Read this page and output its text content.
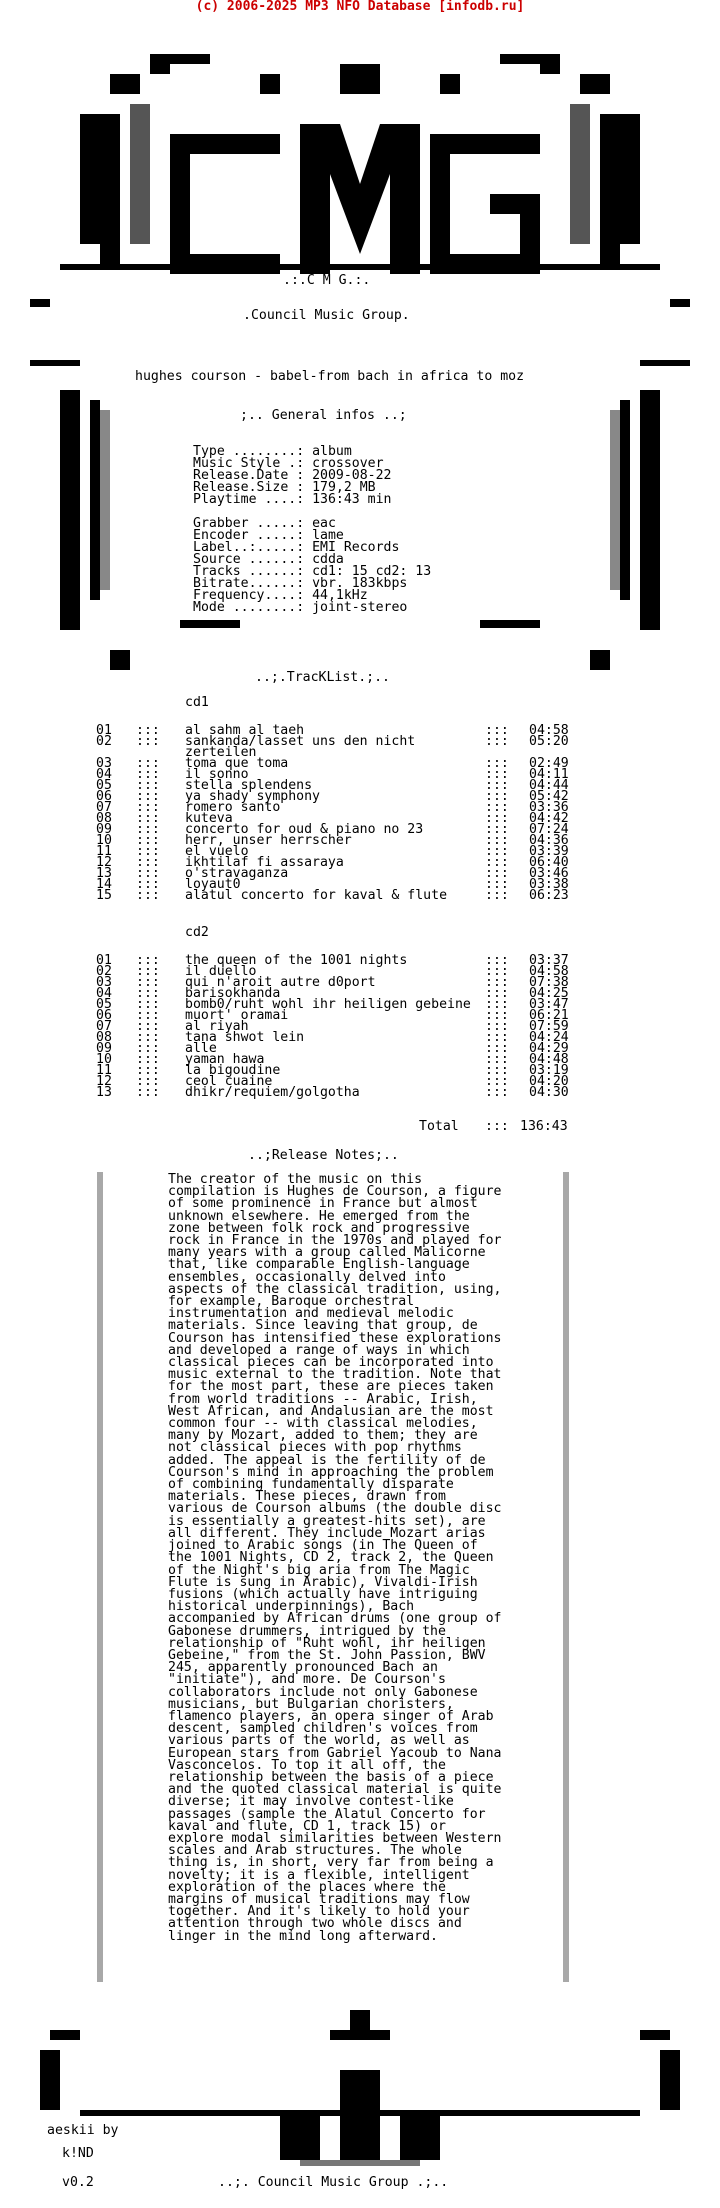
(c) 2006-2025 MP3 NFO Database [infodb.ru]
.:.C M G.:.
.Council Music Group.
hughes courson - babel-from bach in africa to moz
;.. General infos ..;
Type ........: album
Music Style .: crossover
Release.Date : 2009-08-22
Release.Size : 179,2 MB
Playtime ....: 136:43 min
Grabber .....: eac
Encoder .....: lame
Label..:.....: EMI Records
Source ......: cdda
Tracks ......: cd1: 15 cd2: 13
Bitrate......: vbr. 183kbps
Frequency....: 44,1kHz
Mode ........: joint-stereo
..;.TracKList.;..
cd1
01 ::: al sahm al taeh	::: 04:58
02 ::: sankanda/lasset uns den nicht	::: 05:20
zerteilen
03 ::: toma que toma	::: 02:49
04 ::: il sonno	::: 04:11
05 ::: stella splendens	::: 04:44
06 ::: ya shady symphony	::: 05:42
07 ::: romero santo	::: 03:36
08 ::: kuteva	::: 04:42
09 ::: concerto for oud & piano no 23	::: 07:24
10 ::: herr, unser herrscher	::: 04:36
11 ::: el vuelo	::: 03:39
12 ::: ikhtilaf fi assaraya	::: 06:40
13 ::: o'stravaganza	::: 03:46
14 ::: loyaut0	::: 03:38
15 ::: alatul concerto for kaval & flute	::: 06:23
cd2
01 ::: the queen of the 1001 nights	::: 03:37
02 ::: il duello	::: 04:58
03 ::: qui n'aroit autre d0port	::: 07:38
04 ::: barisokhanda	::: 04:25
05 ::: bomb0/ruht wohl ihr heiligen gebeine ::: 03:47
06 ::: muort' oramai	::: 06:21
07 ::: al riyah	::: 07:59
08 ::: tana shwot lein	::: 04:24
09 ::: alle	::: 04:29
10 ::: yaman hawa	::: 04:48
11 ::: la bigoudine	::: 03:19
12 ::: ceol cuaine	::: 04:20
13 ::: dhikr/requiem/golgotha	::: 04:30
Total ::: 136:43
..;Release Notes;..
The creator of the music on this compilation is Hughes de Courson, a figure of some prominence in France but almost unknown elsewhere. He emerged from the zone between folk rock and progressive rock in France in the 1970s and played for many years with a group called Malicorne that, like comparable English-language ensembles, occasionally delved into aspects of the classical tradition, using, for example, Baroque orchestral instrumentation and medieval melodic materials. Since leaving that group, de Courson has intensified these explorations and developed a range of ways in which classical pieces can be incorporated into music external to the tradition. Note that for the most part, these are pieces taken from world traditions -- Arabic, Irish, West African, and Andalusian are the most common four -- with classical melodies, many by Mozart, added to them; they are not classical pieces with pop rhythms added. The appeal is the fertility of de Courson's mind in approaching the problem of combining fundamentally disparate materials. These pieces, drawn from various de Courson albums (the double disc is essentially a greatest-hits set), are all different. They include Mozart arias joined to Arabic songs (in The Queen of the 1001 Nights, CD 2, track 2, the Queen of the Night's big aria from The Magic Flute is sung in Arabic), Vivaldi-Irish fusions (which actually have intriguing historical underpinnings), Bach accompanied by African drums (one group of Gabonese drummers, intrigued by the relationship of "Ruht wohl, ihr heiligen Gebeine," from the St. John Passion, BWV 245, apparently pronounced Bach an "initiate"), and more. De Courson's collaborators include not only Gabonese musicians, but Bulgarian choristers, flamenco players, an opera singer of Arab descent, sampled children's voices from various parts of the world, as well as European stars from Gabriel Yacoub to Nana Vasconcelos. To top it all off, the relationship between the basis of a piece and the quoted classical material is quite diverse; it may involve contest-like passages (sample the Alatul Concerto for kaval and flute, CD 1, track 15) or explore modal similarities between Western scales and Arab structures. The whole thing is, in short, very far from being a novelty; it is a flexible, intelligent exploration of the places where the margins of musical traditions may flow together. And it's likely to hold your attention through two whole discs and linger in the mind long afterward.
aeskii by
k!ND
v0.2	..;. Council Music Group .;..
